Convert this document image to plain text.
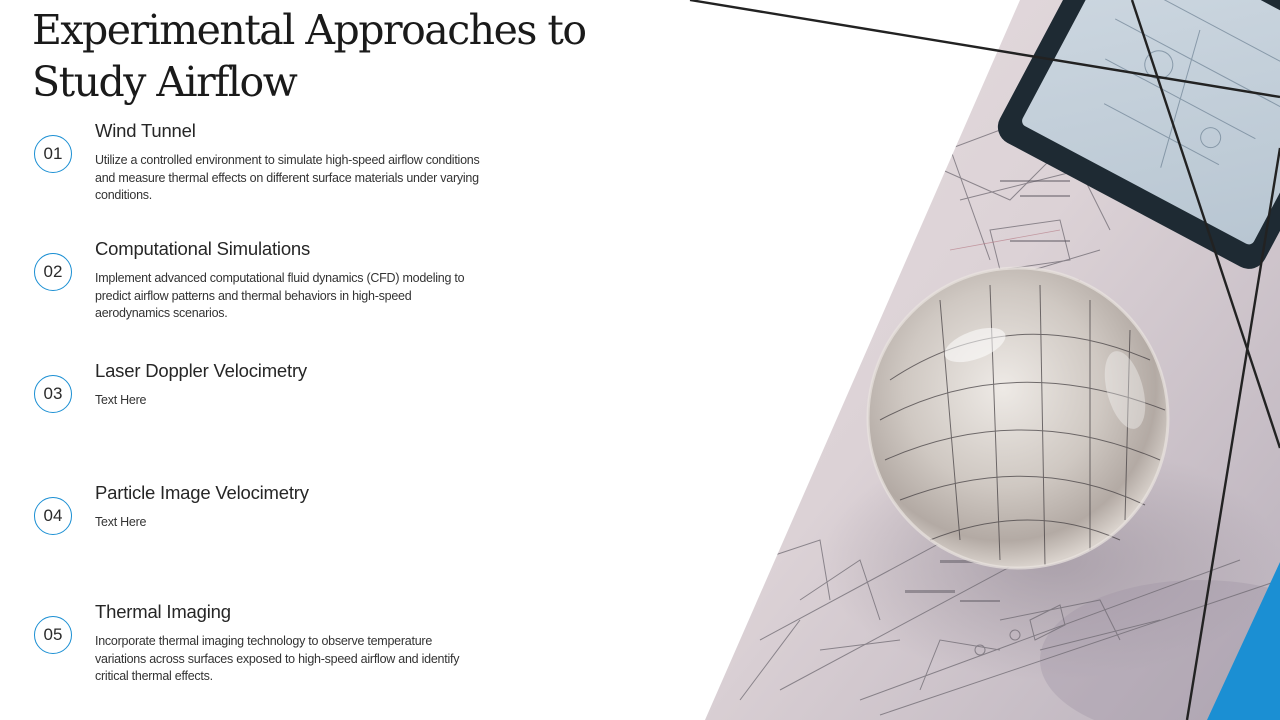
Experimental Approaches to Study Airflow
01
Wind Tunnel

Utilize a controlled environment to simulate high-speed airflow conditions and measure thermal effects on different surface materials under varying conditions.

02
Computational Simulations

Implement advanced computational fluid dynamics (CFD) modeling to predict airflow patterns and thermal behaviors in high-speed aerodynamics scenarios.

03
Laser Doppler Velocimetry

Text Here

04
Particle Image Velocimetry

Text Here

05
Thermal Imaging

Incorporate thermal imaging technology to observe temperature variations across surfaces exposed to high-speed airflow and identify critical thermal effects.
